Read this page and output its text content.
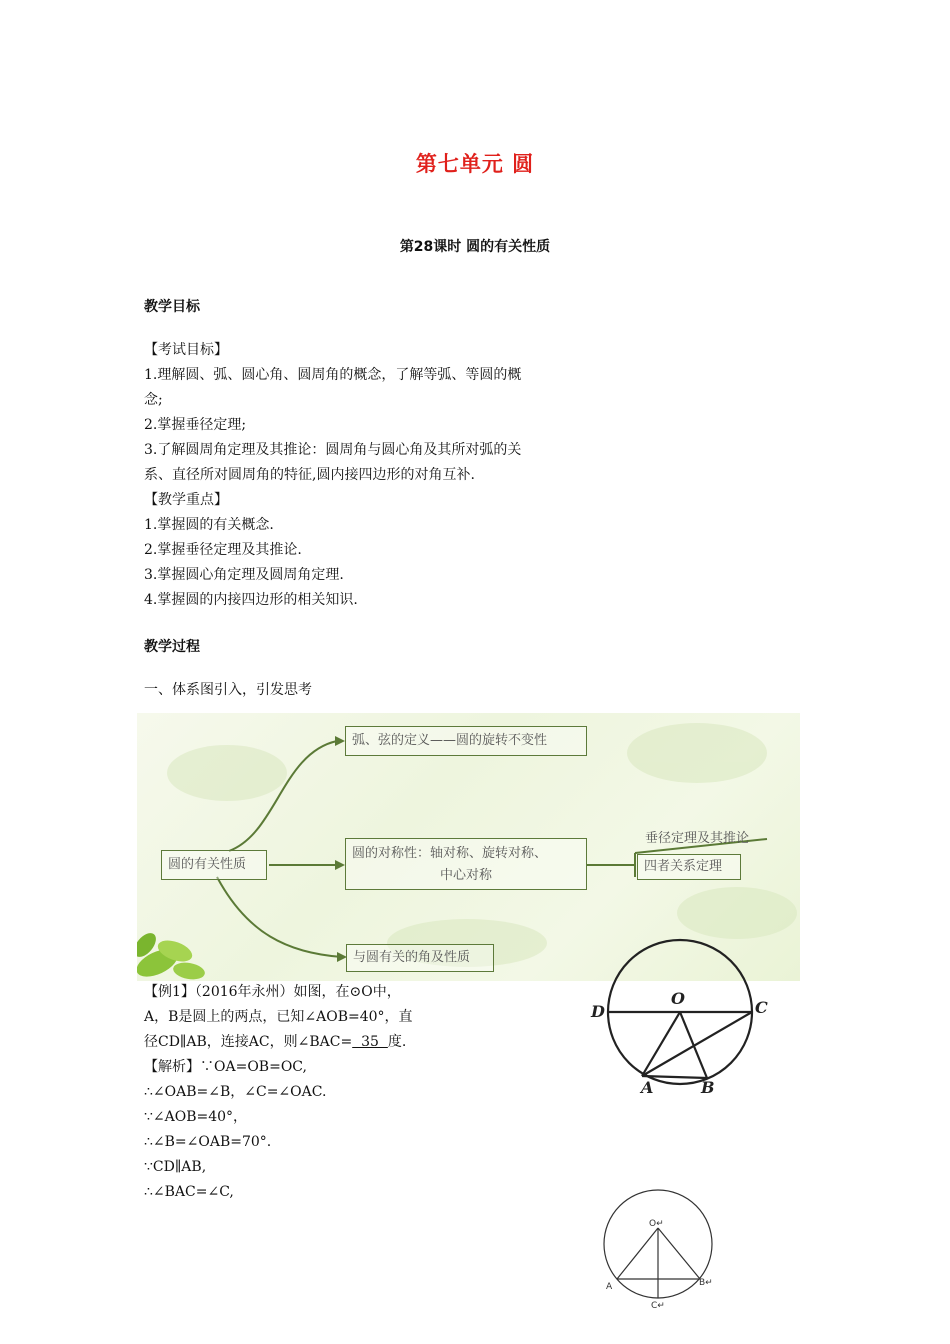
第七单元 圆
第28课时 圆的有关性质
教学目标
【考试目标】
1.理解圆、弧、圆心角、圆周角的概念，了解等弧、等圆的概
念;
2.掌握垂径定理;
3.了解圆周角定理及其推论：圆周角与圆心角及其所对弧的关
系、直径所对圆周角的特征,圆内接四边形的对角互补.
【教学重点】
1.掌握圆的有关概念.
2.掌握垂径定理及其推论.
3.掌握圆心角定理及圆周角定理.
4.掌握圆的内接四边形的相关知识.
教学过程
一、体系图引入，引发思考
圆的有关性质
弧、弦的定义——圆的旋转不变性
圆的对称性：轴对称、旋转对称、
中心对称
与圆有关的角及性质
垂径定理及其推论
四者关系定理
【例1】（2016年永州）如图，在⊙O中，
A，B是圆上的两点，已知∠AOB=40°，直
径CD∥AB，连接AC，则∠BAC=  35  度.
【解析】∵OA=OB=OC,
∴∠OAB=∠B，∠C=∠OAC.
∵∠AOB=40°，
∴∠B=∠OAB=70°.
∵CD∥AB,
∴∠BAC=∠C,
D
O	C
A	B
O↵
A	B↵
C↵
